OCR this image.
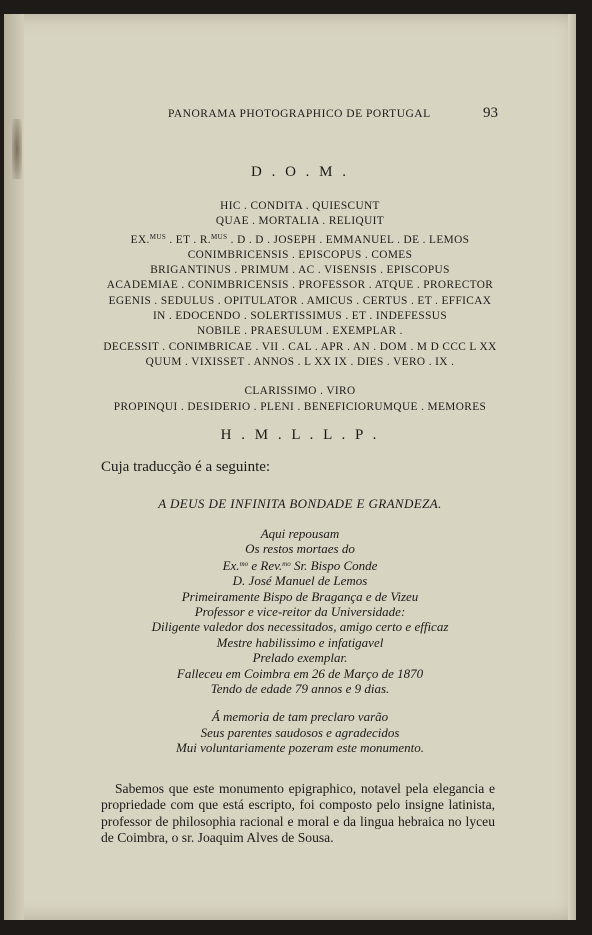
PANORAMA PHOTOGRAPHICO DE PORTUGAL	93
D . O . M .
HIC . CONDITA . QUIESCUNT
QUAE . MORTALIA . RELIQUIT
EX.$^{MUS}$ . ET . R.$^{MUS}$ . D . D . JOSEPH . EMMANUEL . DE . LEMOS
CONIMBRICENSIS . EPISCOPUS . COMES
BRIGANTINUS . PRIMUM . AC . VISENSIS . EPISCOPUS
ACADEMIAE . CONIMBRICENSIS . PROFESSOR . ATQUE . PRORECTOR
EGENIS . SEDULUS . OPITULATOR . AMICUS . CERTUS . ET . EFFICAX
IN . EDOCENDO . SOLERTISSIMUS . ET . INDEFESSUS
NOBILE . PRAESULUM . EXEMPLAR .
DECESSIT . CONIMBRICAE . VII . CAL . APR . AN . DOM . M D CCC L XX
QUUM . VIXISSET . ANNOS . L XX IX . DIES . VERO . IX .
CLARISSIMO . VIRO
PROPINQUI . DESIDERIO . PLENI . BENEFICIORUMQUE . MEMORES
H . M . L . L . P .
Cuja traducção é a seguinte:
A DEUS DE INFINITA BONDADE E GRANDEZA.
Aqui repousam
Os restos mortaes do
Ex.$^{mo}$ e Rev.$^{mo}$ Sr. Bispo Conde
D. José Manuel de Lemos
Primeiramente Bispo de Bragança e de Vizeu
Professor e vice-reitor da Universidade:
Diligente valedor dos necessitados, amigo certo e efficaz
Mestre habilissimo e infatigavel
Prelado exemplar.
Falleceu em Coimbra em 26 de Março de 1870
Tendo de edade 79 annos e 9 dias.
Á memoria de tam preclaro varão
Seus parentes saudosos e agradecidos
Mui voluntariamente pozeram este monumento.

Sabemos que este monumento epigraphico, notavel pela elegancia e propriedade com que está escripto, foi composto pelo insigne latinista, professor de philosophia racional e moral e da lingua hebraica no lyceu de Coimbra, o sr. Joaquim Alves de Sousa.
